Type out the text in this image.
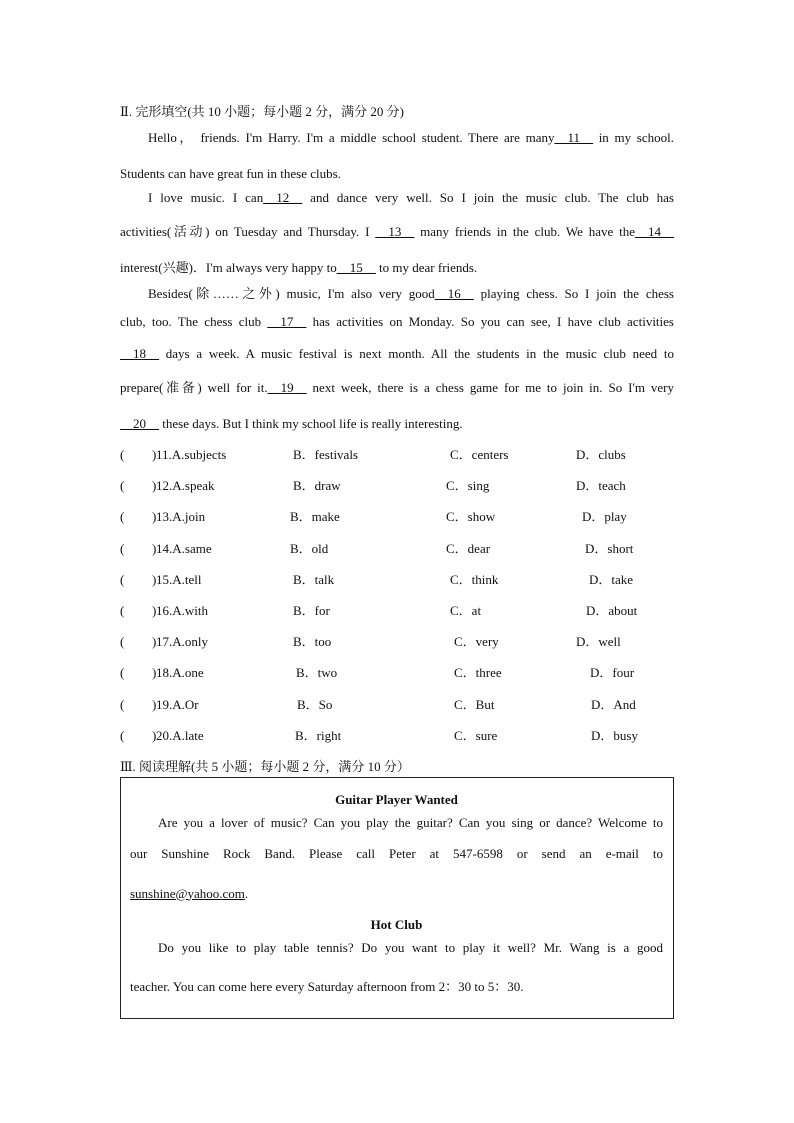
Ⅱ. 完形填空(共 10 小题；每小题 2 分，满分 20 分)
Hello， friends. I'm Harry. I'm a middle school student. There are many__11__ in my school.
Students can have great fun in these clubs.
I love music. I can__12__ and dance very well. So I join the music club. The club has
activities(活动) on Tuesday and Thursday. I __13__ many friends in the club. We have the__14__
interest(兴趣)．I'm always very happy to__15__ to my dear friends.
Besides(除……之外) music, I'm also very good__16__ playing chess. So I join the chess
club, too. The chess club __17__ has activities on Monday. So you can see, I have club activities
__18__ days a week. A music festival is next month. All the students in the music club need to
prepare(准备) well for it.__19__ next week, there is a chess game for me to join in. So I'm very
__20__ these days. But I think my school life is really interesting.
( ) 11.A.subjects	B．festivals	C．centers	D．clubs
( ) 12.A.speak	B．draw	C．sing	D．teach
( ) 13.A.join	B．make	C．show	D．play
( ) 14.A.same	B．old	C．dear	D．short
( ) 15.A.tell	B．talk	C．think	D．take
( ) 16.A.with	B．for	C．at	D．about
( ) 17.A.only	B．too	C．very	D．well
( ) 18.A.one	B．two	C．three	D．four
( ) 19.A.Or	B．So	C．But	D．And
( ) 20.A.late	B．right	C．sure	D．busy
Ⅲ. 阅读理解(共 5 小题；每小题 2 分，满分 10 分）
Guitar Player Wanted
Are you a lover of music? Can you play the guitar? Can you sing or dance? Welcome to
our Sunshine Rock Band. Please call Peter at 547-6598 or send an e-mail to
sunshine@yahoo.com.
Hot Club
Do you like to play table tennis? Do you want to play it well? Mr. Wang is a good
teacher. You can come here every Saturday afternoon from 2：30 to 5：30.
